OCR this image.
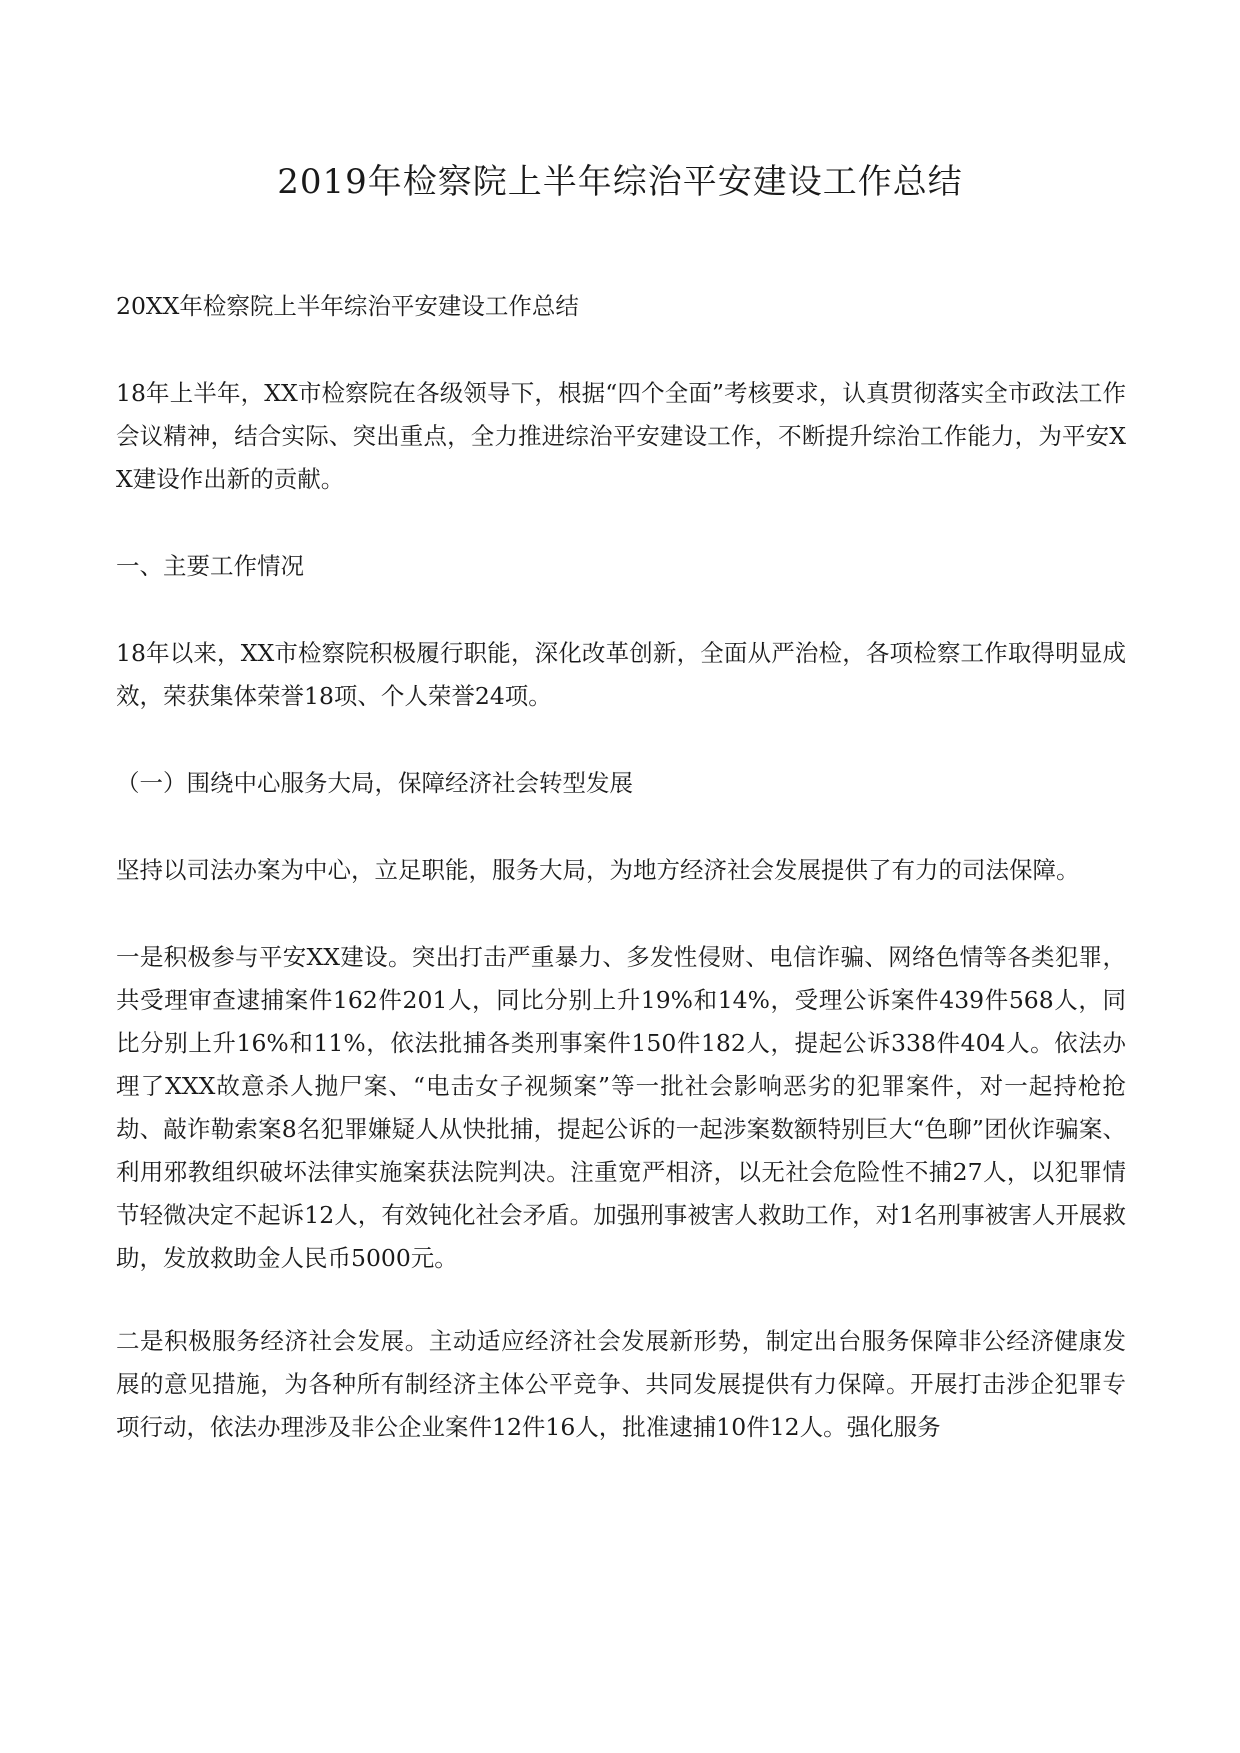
2019年检察院上半年综治平安建设工作总结

20XX年检察院上半年综治平安建设工作总结

18年上半年，XX市检察院在各级领导下，根据“四个全面”考核要求，认真贯彻落实全市政法工作会议精神，结合实际、突出重点，全力推进综治平安建设工作，不断提升综治工作能力，为平安XX建设作出新的贡献。

一、主要工作情况

18年以来，XX市检察院积极履行职能，深化改革创新，全面从严治检，各项检察工作取得明显成效，荣获集体荣誉18项、个人荣誉24项。

（一）围绕中心服务大局，保障经济社会转型发展

坚持以司法办案为中心，立足职能，服务大局，为地方经济社会发展提供了有力的司法保障。

一是积极参与平安XX建设。突出打击严重暴力、多发性侵财、电信诈骗、网络色情等各类犯罪，共受理审查逮捕案件162件201人，同比分别上升19%和14%，受理公诉案件439件568人，同比分别上升16%和11%，依法批捕各类刑事案件150件182人，提起公诉338件404人。依法办理了XXX故意杀人抛尸案、“电击女子视频案”等一批社会影响恶劣的犯罪案件，对一起持枪抢劫、敲诈勒索案8名犯罪嫌疑人从快批捕，提起公诉的一起涉案数额特别巨大“色聊”团伙诈骗案、利用邪教组织破坏法律实施案获法院判决。注重宽严相济，以无社会危险性不捕27人，以犯罪情节轻微决定不起诉12人，有效钝化社会矛盾。加强刑事被害人救助工作，对1名刑事被害人开展救助，发放救助金人民币5000元。

二是积极服务经济社会发展。主动适应经济社会发展新形势，制定出台服务保障非公经济健康发展的意见措施，为各种所有制经济主体公平竞争、共同发展提供有力保障。开展打击涉企犯罪专项行动，依法办理涉及非公企业案件12件16人，批准逮捕10件12人。强化服务
